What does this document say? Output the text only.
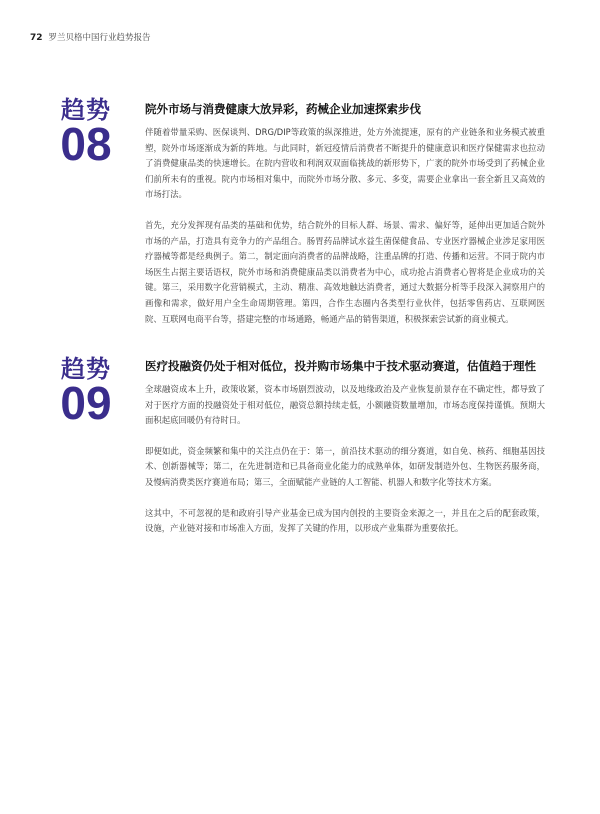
72 罗兰贝格中国行业趋势报告
趋势
08
院外市场与消费健康大放异彩，药械企业加速探索步伐

伴随着带量采购、医保谈判、DRG/DIP等政策的纵深推进，处方外流提速，原有的产业链条和业务模式被重塑，院外市场逐渐成为新的阵地。与此同时，新冠疫情后消费者不断提升的健康意识和医疗保健需求也拉动了消费健康品类的快速增长。在院内营收和利润双双面临挑战的新形势下，广袤的院外市场受到了药械企业们前所未有的重视。院内市场相对集中，而院外市场分散、多元、多变，需要企业拿出一套全新且又高效的市场打法。

首先，充分发挥现有品类的基础和优势，结合院外的目标人群、场景、需求、偏好等，延伸出更加适合院外市场的产品，打造具有竞争力的产品组合。肠胃药品牌试水益生菌保健食品、专业医疗器械企业涉足家用医疗器械等都是经典例子。第二，制定面向消费者的品牌战略，注重品牌的打造、传播和运营。不同于院内市场医生占据主要话语权，院外市场和消费健康品类以消费者为中心，成功抢占消费者心智将是企业成功的关键。第三，采用数字化营销模式，主动、精准、高效地触达消费者，通过大数据分析等手段深入洞察用户的画像和需求，做好用户全生命周期管理。第四，合作生态圈内各类型行业伙伴，包括零售药店、互联网医院、互联网电商平台等，搭建完整的市场通路，畅通产品的销售渠道，积极探索尝试新的商业模式。

趋势
09
医疗投融资仍处于相对低位，投并购市场集中于技术驱动赛道，估值趋于理性

全球融资成本上升，政策收紧，资本市场剧烈波动，以及地缘政治及产业恢复前景存在不确定性，都导致了对于医疗方面的投融资处于相对低位，融资总额持续走低，小额融资数量增加，市场态度保持谨慎。预期大面积起底回暖仍有待时日。

即便如此，资金频繁和集中的关注点仍在于：第一，前沿技术驱动的细分赛道，如自免、核药、细胞基因技术、创新器械等；第二，在先进制造和已具备商业化能力的成熟单体，如研发制造外包、生物医药服务商，及慢病消费类医疗赛道布局；第三，全面赋能产业链的人工智能、机器人和数字化等技术方案。

这其中，不可忽视的是和政府引导产业基金已成为国内创投的主要资金来源之一，并且在之后的配套政策，设施，产业链对接和市场准入方面，发挥了关键的作用，以形成产业集群为重要依托。
